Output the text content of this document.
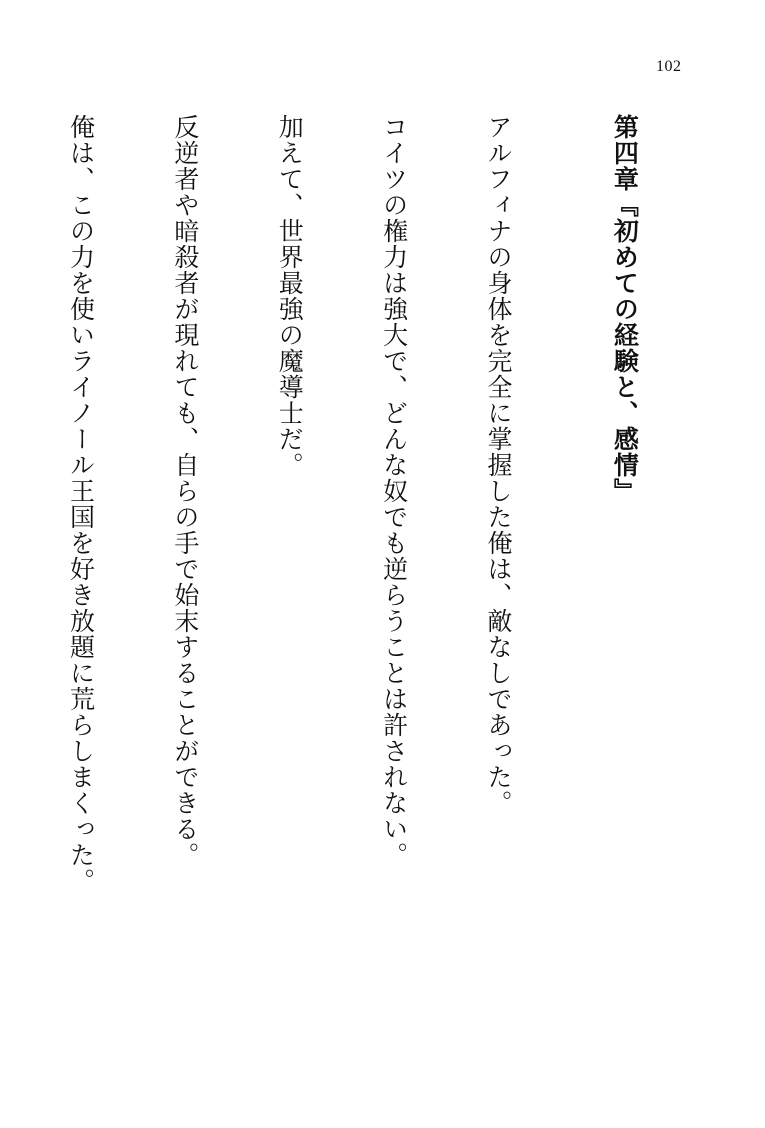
102

第四章『初めての経験と、感情』

アルフィナの身体を完全に掌握した俺は、敵なしであった。

コイツの権力は強大で、どんな奴でも逆らうことは許されない。

加えて、世界最強の魔導士だ。

反逆者や暗殺者が現れても、自らの手で始末することができる。

俺は、この力を使いライノール王国を好き放題に荒らしまくった。
